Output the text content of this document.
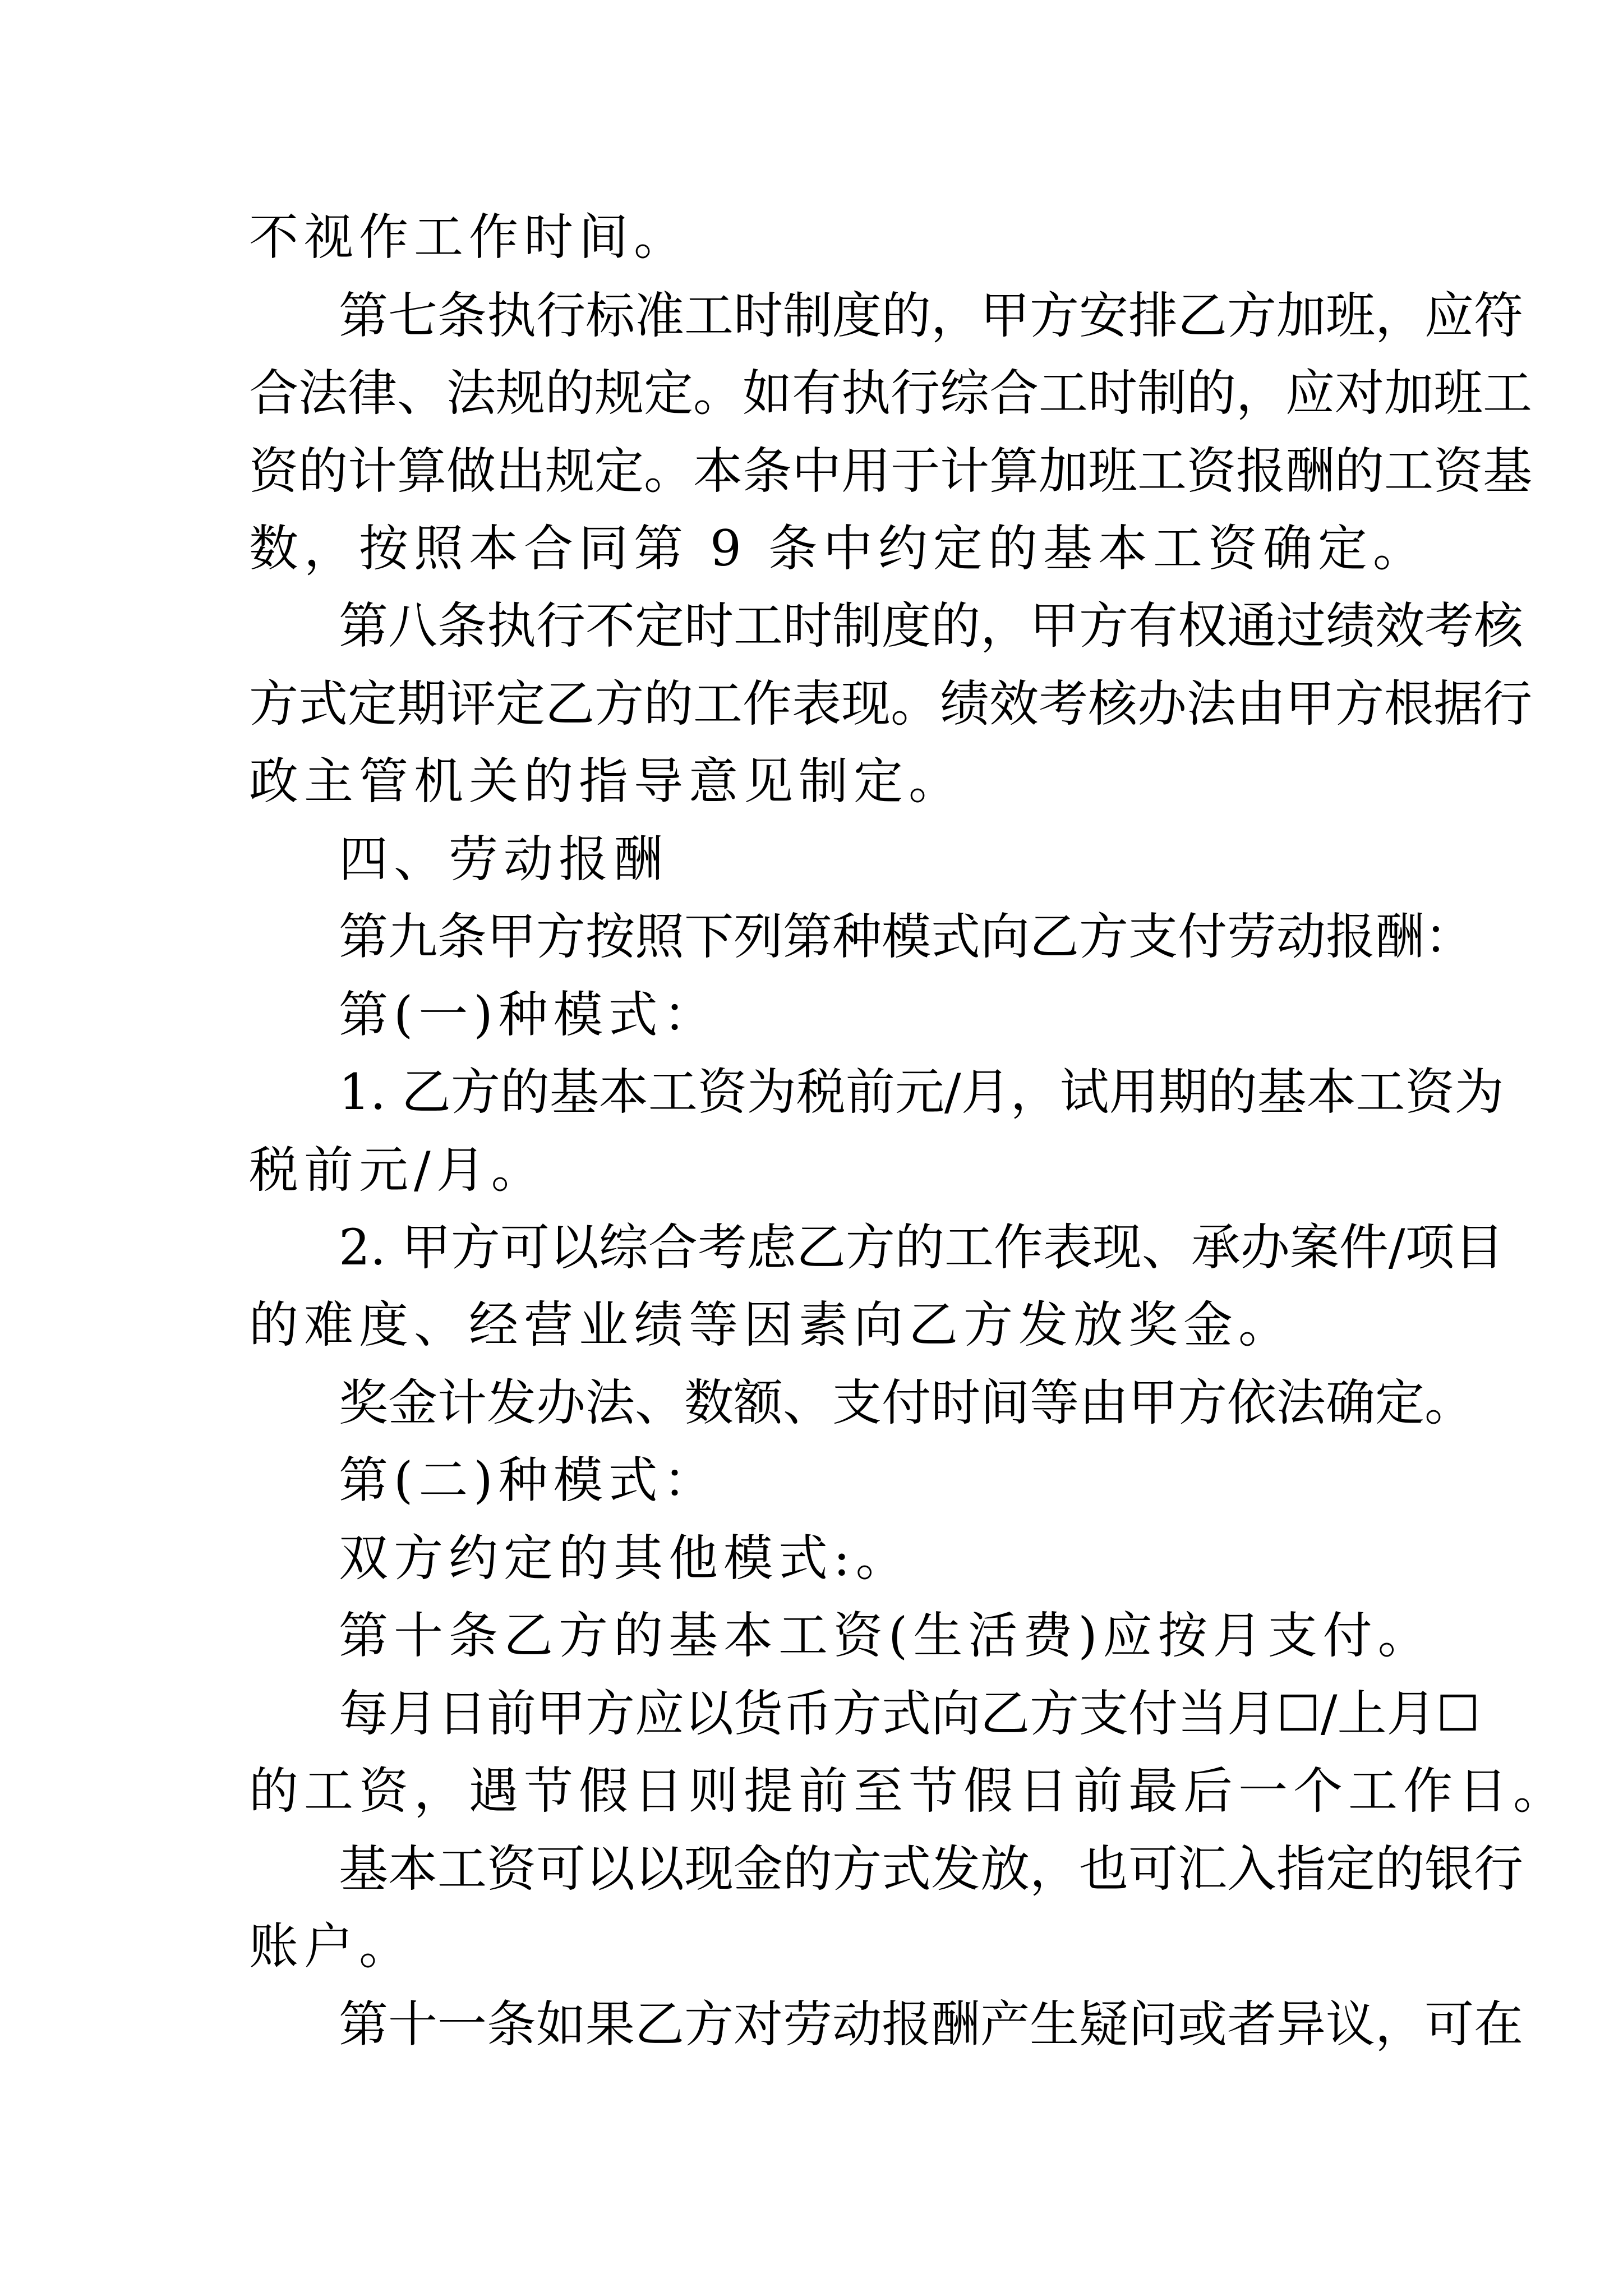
不视作工作时间。
第七条执行标准工时制度的，甲方安排乙方加班，应符
合法律、法规的规定。如有执行综合工时制的，应对加班工
资的计算做出规定。本条中用于计算加班工资报酬的工资基
数，按照本合同第 9 条中约定的基本工资确定。
第八条执行不定时工时制度的，甲方有权通过绩效考核
方式定期评定乙方的工作表现。绩效考核办法由甲方根据行
政主管机关的指导意见制定。
四、劳动报酬
第九条甲方按照下列第种模式向乙方支付劳动报酬：
第(一)种模式：
1. 乙方的基本工资为税前元/月，试用期的基本工资为
税前元/月。
2. 甲方可以综合考虑乙方的工作表现、承办案件/项目
的难度、经营业绩等因素向乙方发放奖金。
奖金计发办法、数额、支付时间等由甲方依法确定。
第(二)种模式：
双方约定的其他模式:。
第十条乙方的基本工资(生活费)应按月支付。
每月日前甲方应以货币方式向乙方支付当月☐/上月☐
的工资，遇节假日则提前至节假日前最后一个工作日。
基本工资可以以现金的方式发放，也可汇入指定的银行
账户。
第十一条如果乙方对劳动报酬产生疑问或者异议，可在
